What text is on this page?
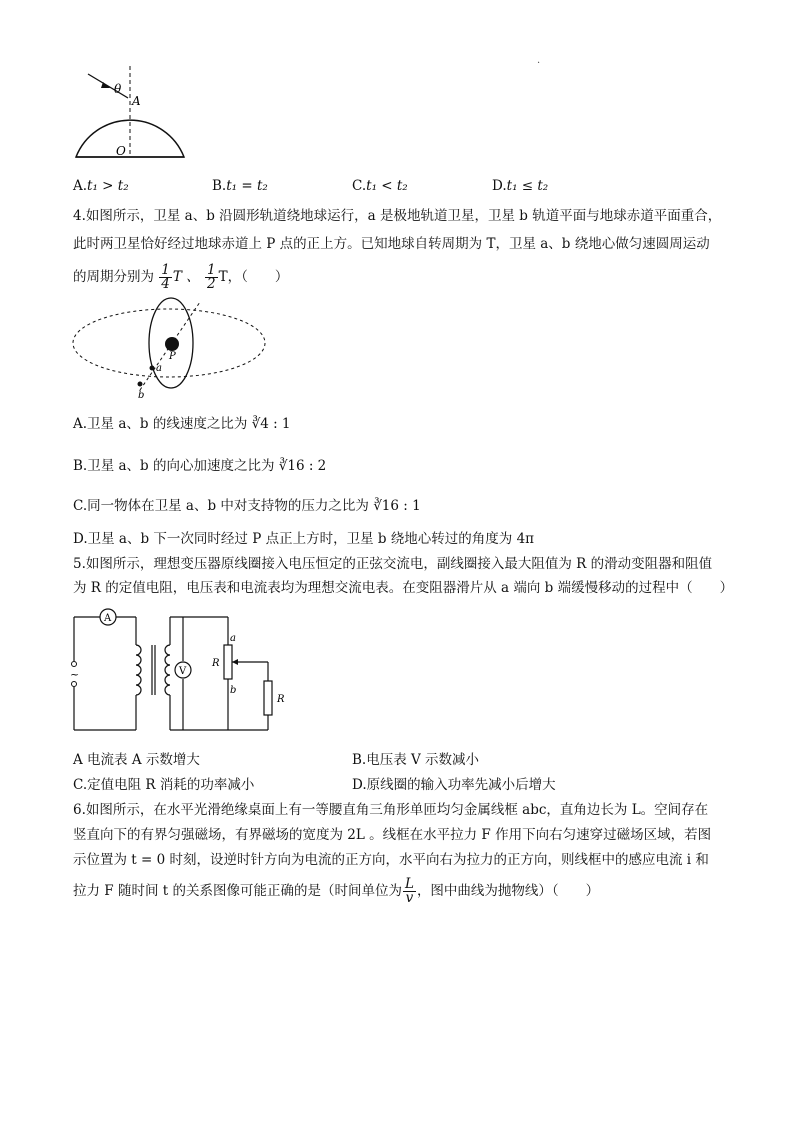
θ
A
O
A.t₁ > t₂	B.t₁ = t₂	C.t₁ < t₂	D.t₁ ≤ t₂
4.如图所示，卫星 a、b 沿圆形轨道绕地球运行，a 是极地轨道卫星，卫星 b 轨道平面与地球赤道平面重合，
此时两卫星恰好经过地球赤道上 P 点的正上方。已知地球自转周期为 T，卫星 a、b 绕地心做匀速圆周运动
的周期分别为 $\frac{1}{4}$ T 、 $\frac{1}{2}$ T，（　　）
P
a
b
A.卫星 a、b 的线速度之比为 ∛4 : 1
B.卫星 a、b 的向心加速度之比为 ∛16 : 2
C.同一物体在卫星 a、b 中对支持物的压力之比为 ∛16 : 1
D.卫星 a、b 下一次同时经过 P 点正上方时，卫星 b 绕地心转过的角度为 4π
5.如图所示，理想变压器原线圈接入电压恒定的正弦交流电，副线圈接入最大阻值为 R 的滑动变阻器和阻值
为 R 的定值电阻，电压表和电流表均为理想交流电表。在变阻器滑片从 a 端向 b 端缓慢移动的过程中（　　）
A
V
~
R
a
b
R
A 电流表 A 示数增大	B.电压表 V 示数减小
C.定值电阻 R 消耗的功率减小	D.原线圈的输入功率先减小后增大
6.如图所示，在水平光滑绝缘桌面上有一等腰直角三角形单匝均匀金属线框 abc，直角边长为 L。空间存在
竖直向下的有界匀强磁场，有界磁场的宽度为 2L 。线框在水平拉力 F 作用下向右匀速穿过磁场区域，若图
示位置为 t = 0 时刻，设逆时针方向为电流的正方向，水平向右为拉力的正方向，则线框中的感应电流 i 和
拉力 F 随时间 t 的关系图像可能正确的是（时间单位为 $\frac{L}{v}$ ，图中曲线为抛物线）（　　）
·
